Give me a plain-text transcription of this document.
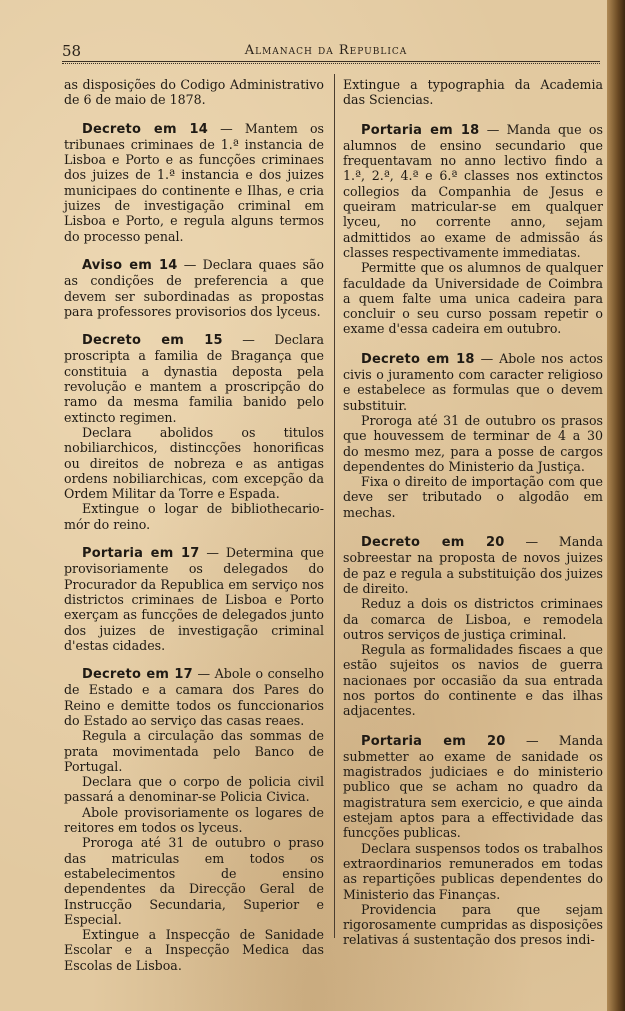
58	Almanach da Republica

as disposições do Codigo Administrativo de 6 de maio de 1878.

Decreto em 14 — Mantem os tribunaes criminaes de 1.ª instancia de Lisboa e Porto e as funcções criminaes dos juizes de 1.ª instancia e dos juizes municipaes do continente e Ilhas, e cria juizes de investigação criminal em Lisboa e Porto, e regula alguns termos do processo penal.

Aviso em 14 — Declara quaes são as condições de preferencia a que devem ser subordinadas as propostas para professores provisorios dos lyceus.

Decreto em 15 — Declara proscripta a familia de Bragança que constituia a dynastia deposta pela revolução e mantem a proscripção do ramo da mesma familia banido pelo extincto regimen.

Declara abolidos os titulos nobiliarchicos, distincções honorificas ou direitos de nobreza e as antigas ordens nobiliarchicas, com excepção da Ordem Militar da Torre e Espada.

Extingue o logar de bibliothecario-mór do reino.

Portaria em 17 — Determina que provisoriamente os delegados do Procurador da Republica em serviço nos districtos criminaes de Lisboa e Porto exerçam as funcções de delegados junto dos juizes de investigação criminal d'estas cidades.

Decreto em 17 — Abole o conselho de Estado e a camara dos Pares do Reino e demitte todos os funccionarios do Estado ao serviço das casas reaes.

Regula a circulação das sommas de prata movimentada pelo Banco de Portugal.

Declara que o corpo de policia civil passará a denominar-se Policia Civica.

Abole provisoriamente os logares de reitores em todos os lyceus.

Proroga até 31 de outubro o praso das matriculas em todos os estabelecimentos de ensino dependentes da Direcção Geral de Instrucção Secundaria, Superior e Especial.

Extingue a Inspecção de Sanidade Escolar e a Inspecção Medica das Escolas de Lisboa.

Extingue a typographia da Academia das Sciencias.

Portaria em 18 — Manda que os alumnos de ensino secundario que frequentavam no anno lectivo findo a 1.ª, 2.ª, 4.ª e 6.ª classes nos extinctos collegios da Companhia de Jesus e queiram matricular-se em qualquer lyceu, no corrente anno, sejam admittidos ao exame de admissão ás classes respectivamente immediatas.

Permitte que os alumnos de qualquer faculdade da Universidade de Coimbra a quem falte uma unica cadeira para concluir o seu curso possam repetir o exame d'essa cadeira em outubro.

Decreto em 18 — Abole nos actos civis o juramento com caracter religioso e estabelece as formulas que o devem substituir.

Proroga até 31 de outubro os prasos que houvessem de terminar de 4 a 30 do mesmo mez, para a posse de cargos dependentes do Ministerio da Justiça.

Fixa o direito de importação com que deve ser tributado o algodão em mechas.

Decreto em 20 — Manda sobreestar na proposta de novos juizes de paz e regula a substituição dos juizes de direito.

Reduz a dois os districtos criminaes da comarca de Lisboa, e remodela outros serviços de justiça criminal.

Regula as formalidades fiscaes a que estão sujeitos os navios de guerra nacionaes por occasião da sua entrada nos portos do continente e das ilhas adjacentes.

Portaria em 20 — Manda submetter ao exame de sanidade os magistrados judiciaes e do ministerio publico que se acham no quadro da magistratura sem exercicio, e que ainda estejam aptos para a effectividade das funcções publicas.

Declara suspensos todos os trabalhos extraordinarios remunerados em todas as repartições publicas dependentes do Ministerio das Finanças.

Providencia para que sejam rigorosamente cumpridas as disposições relativas á sustentação dos presos indi-
